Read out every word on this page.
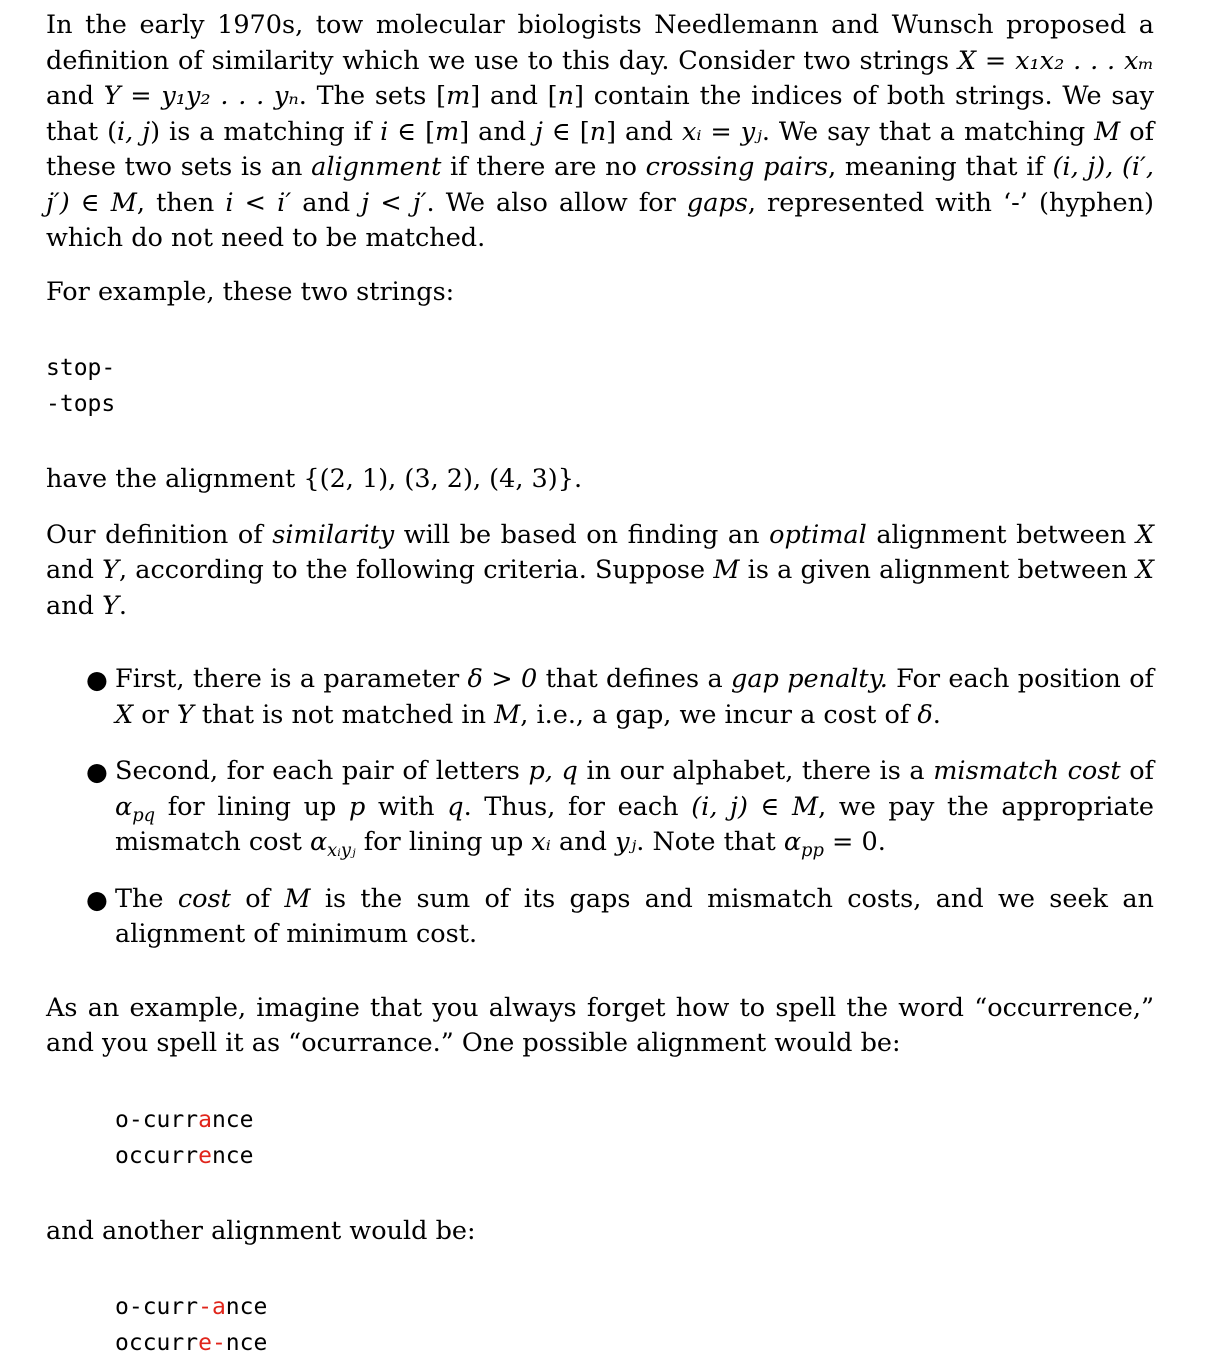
In the early 1970s, tow molecular biologists Needlemann and Wunsch proposed a definition of similarity which we use to this day. Consider two strings X = x₁x₂ . . . xₘ and Y = y₁y₂ . . . yₙ. The sets [m] and [n] contain the indices of both strings. We say that (i, j) is a matching if i ∈ [m] and j ∈ [n] and xᵢ = yⱼ. We say that a matching M of these two sets is an alignment if there are no crossing pairs, meaning that if (i, j), (i′, j′) ∈ M, then i < i′ and j < j′. We also allow for gaps, represented with ‘-’ (hyphen) which do not need to be matched.

For example, these two strings:

stop-

-tops

have the alignment {(2, 1), (3, 2), (4, 3)}.

Our definition of similarity will be based on finding an optimal alignment between X and Y, according to the following criteria. Suppose M is a given alignment between X and Y.

● First, there is a parameter δ > 0 that defines a gap penalty. For each position of X or Y that is not matched in M, i.e., a gap, we incur a cost of δ.
● Second, for each pair of letters p, q in our alphabet, there is a mismatch cost of $\alpha_{pq}$ for lining up p with q. Thus, for each (i, j) ∈ M, we pay the appropriate mismatch cost $\alpha_{xᵢyⱼ}$ for lining up xᵢ and yⱼ. Note that $\alpha_{pp} = 0$.
● The cost of M is the sum of its gaps and mismatch costs, and we seek an alignment of minimum cost.

As an example, imagine that you always forget how to spell the word “occurrence,” and you spell it as “ocurrance.” One possible alignment would be:

o-currance

occurrence

and another alignment would be:

o-curr-ance

occurre-nce
